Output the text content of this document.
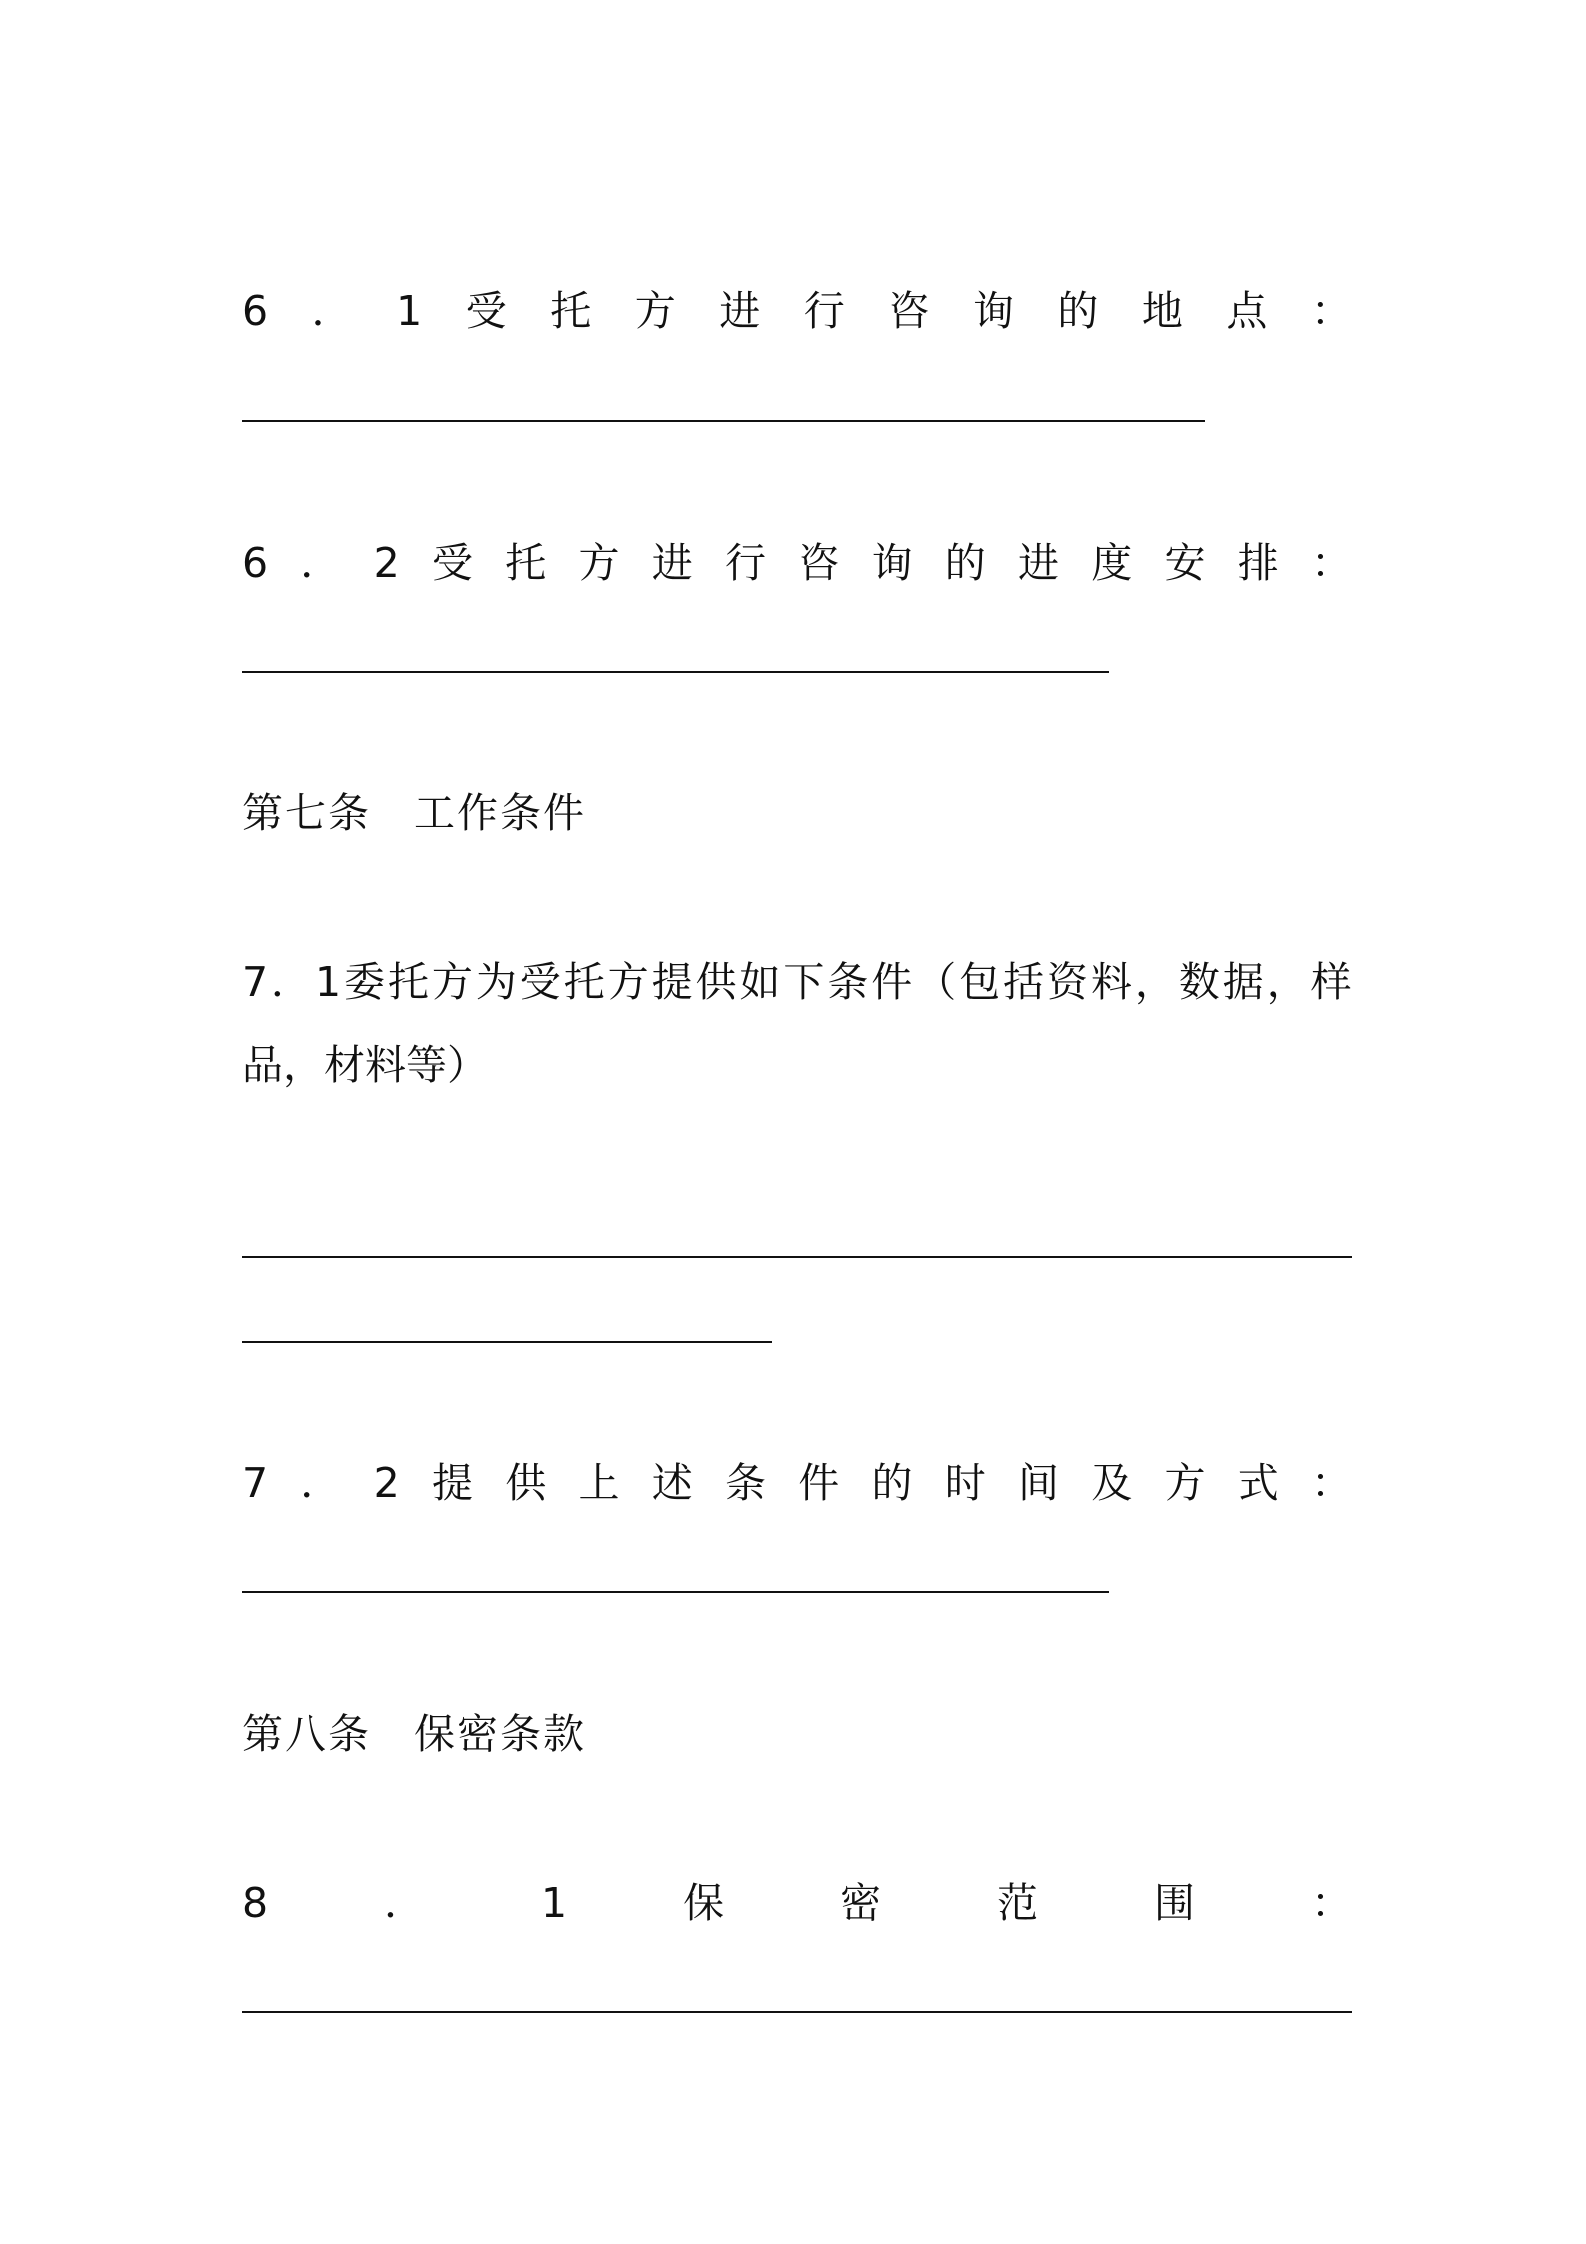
6 ． 1 受 托 方 进 行 咨 询 的 地 点 ：
6 ． 2 受 托 方 进 行 咨 询 的 进 度 安 排 ：
第七条　工作条件
7 ． 1 委 托 方 为 受 托 方 提 供 如 下 条 件 （ 包 括 资 料 ， 数 据 ， 样
品，材料等）
7 ． 2 提 供 上 述 条 件 的 时 间 及 方 式 ：
第八条　保密条款
8	．	1	保	密	范	围	：
